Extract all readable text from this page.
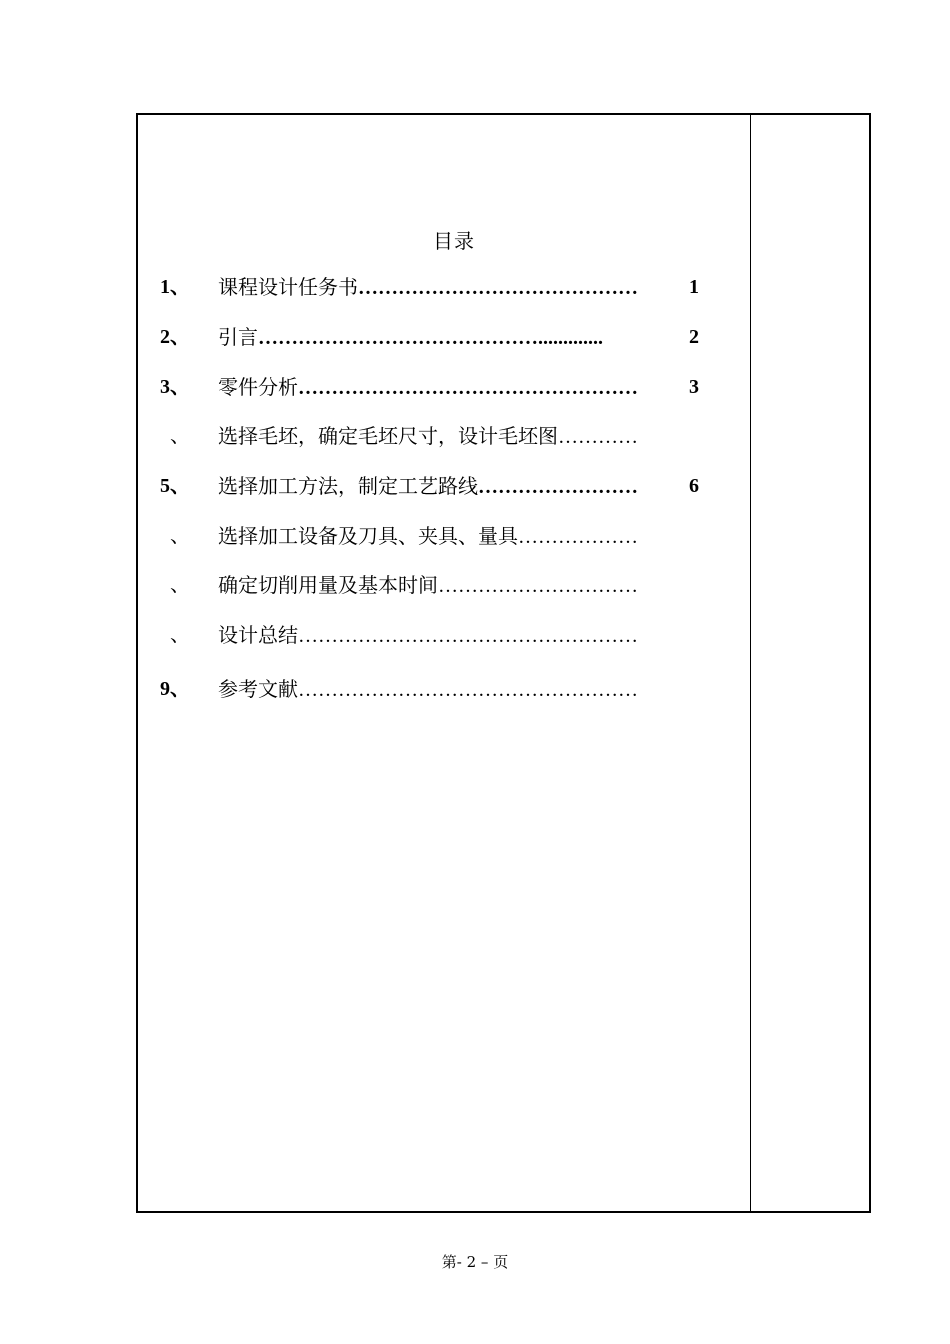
目录
1、	课程设计任务书……………………………………	1
2、	引言…………………………………….............	2
3、	零件分析……………………………………………	3
、	选择毛坯，确定毛坯尺寸，设计毛坯图…………
5、	选择加工方法，制定工艺路线……………………	6
、	选择加工设备及刀具、夹具、量具………………
、	确定切削用量及基本时间…………………………
、	设计总结……………………………………………
9、	参考文献……………………………………………
第- 2 – 页
